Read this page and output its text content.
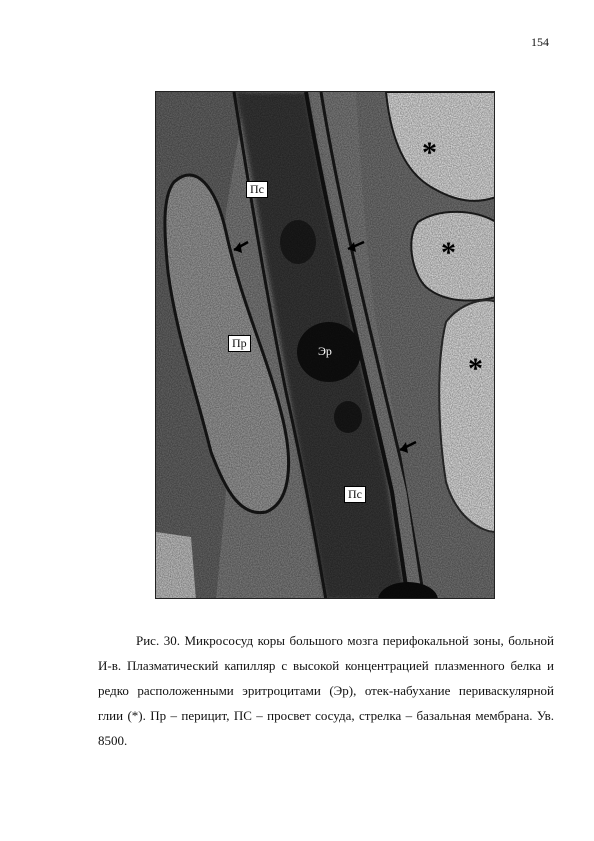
154
Пс
Пр
Эр
Пс
*
*
*
Рис. 30. Микрососуд коры большого мозга перифокальной зоны, больной И-в. Плазматический капилляр с высокой концентрацией плазменного белка и редко расположенными эритроцитами (Эр), отек-набухание периваскулярной глии (*). Пр – перицит, ПС – просвет сосуда, стрелка – базальная мембрана. Ув. 8500.
